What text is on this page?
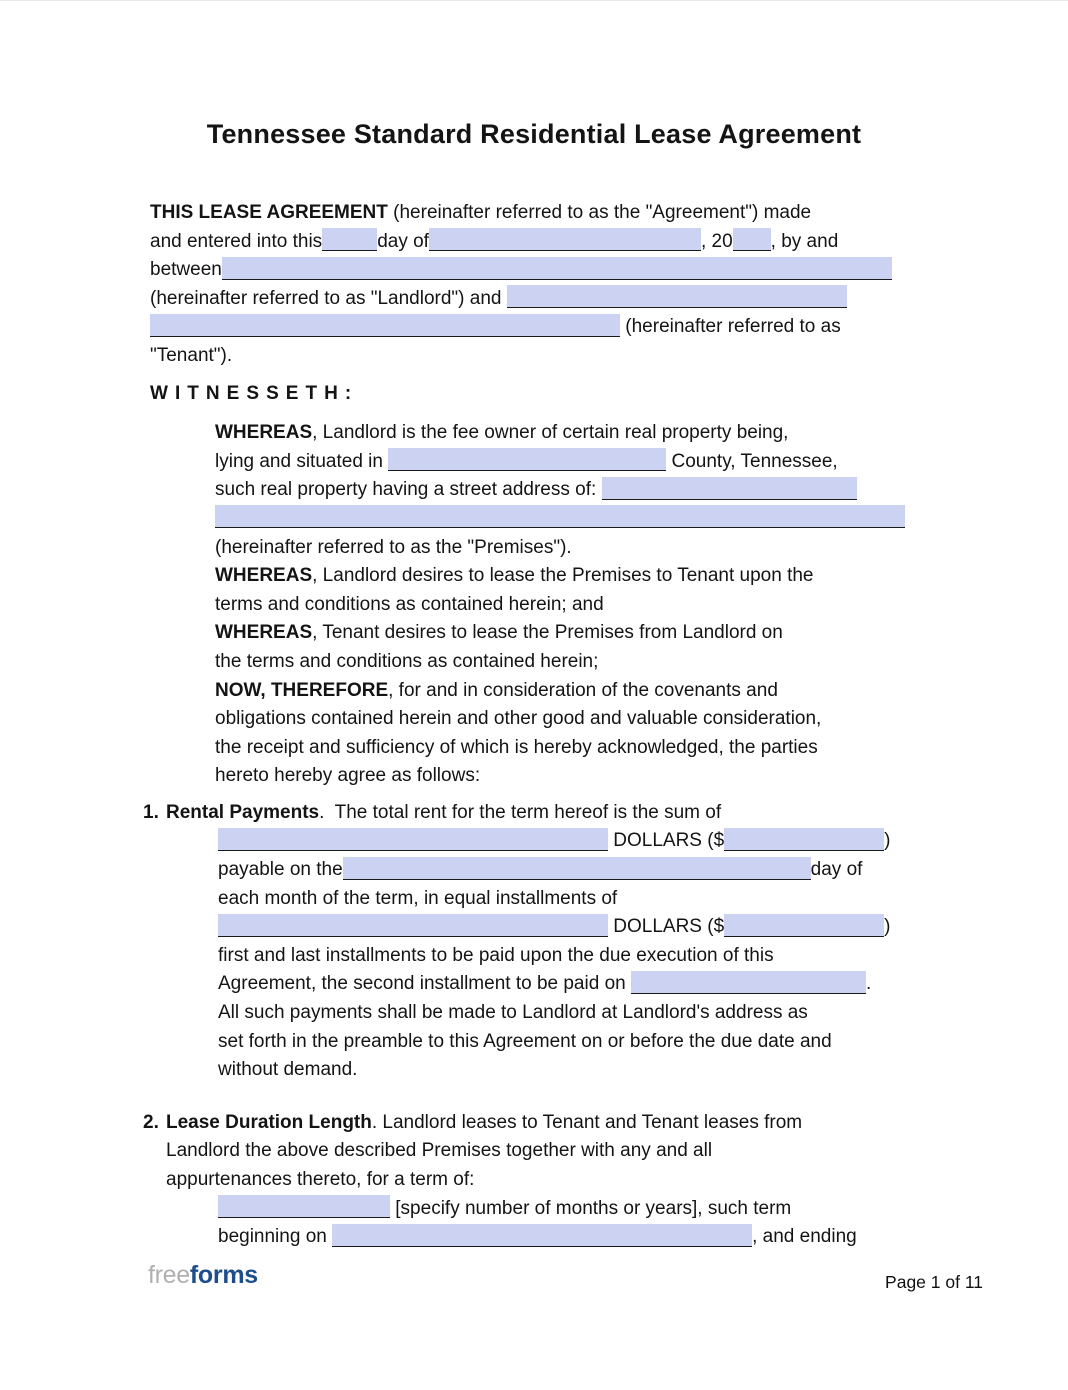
Tennessee Standard Residential Lease Agreement
THIS LEASE AGREEMENT (hereinafter referred to as the "Agreement") made
and entered into this	day of	, 20 , by and
between
(hereinafter referred to as "Landlord") and
(hereinafter referred to as
"Tenant").
WITNESSETH:
WHEREAS, Landlord is the fee owner of certain real property being,
lying and situated in	County, Tennessee,
such real property having a street address of:
(hereinafter referred to as the "Premises").
WHEREAS, Landlord desires to lease the Premises to Tenant upon the
terms and conditions as contained herein; and
WHEREAS, Tenant desires to lease the Premises from Landlord on
the terms and conditions as contained herein;
NOW, THEREFORE, for and in consideration of the covenants and
obligations contained herein and other good and valuable consideration,
the receipt and sufficiency of which is hereby acknowledged, the parties
hereto hereby agree as follows:
1. Rental Payments.  The total rent for the term hereof is the sum of
DOLLARS ($	)
payable on the	day of
each month of the term, in equal installments of
DOLLARS ($	)
first and last installments to be paid upon the due execution of this
Agreement, the second installment to be paid on	.
All such payments shall be made to Landlord at Landlord's address as
set forth in the preamble to this Agreement on or before the due date and
without demand.
2. Lease Duration Length. Landlord leases to Tenant and Tenant leases from
Landlord the above described Premises together with any and all
appurtenances thereto, for a term of:
[specify number of months or years], such term
beginning on	, and ending
freeforms	Page 1 of 11
